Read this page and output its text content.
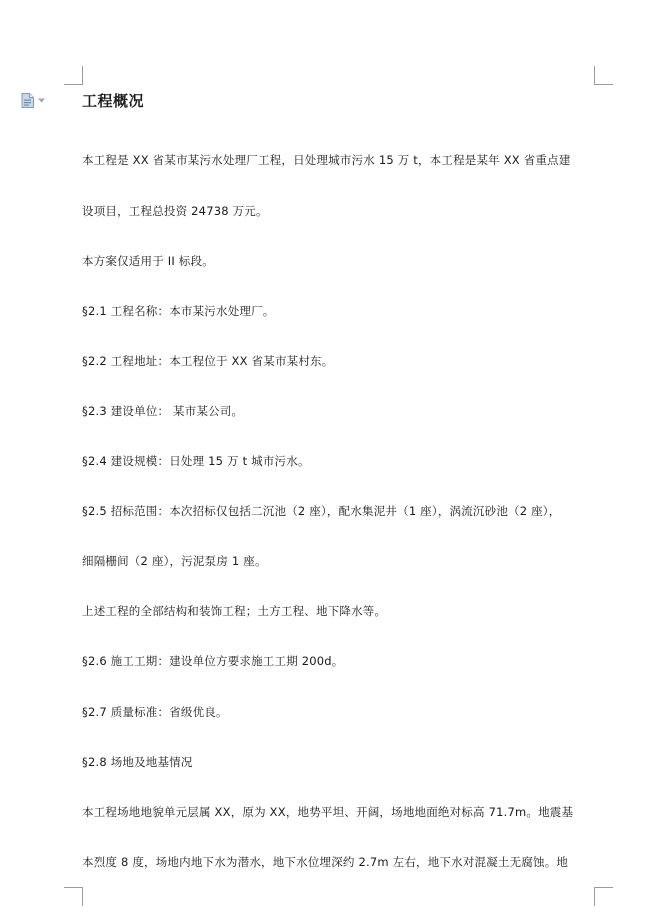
工程概况

本工程是 XX 省某市某污水处理厂工程，日处理城市污水 15 万 t，本工程是某年 XX 省重点建

设项目，工程总投资 24738 万元。

本方案仅适用于 II 标段。

§2.1 工程名称：本市某污水处理厂。

§2.2 工程地址：本工程位于 XX 省某市某村东。

§2.3 建设单位： 某市某公司。

§2.4 建设规模：日处理 15 万 t 城市污水。

§2.5 招标范围：本次招标仅包括二沉池（2 座），配水集泥井（1 座），涡流沉砂池（2 座），

细隔栅间（2 座），污泥泵房 1 座。

上述工程的全部结构和装饰工程；土方工程、地下降水等。

§2.6 施工工期：建设单位方要求施工工期 200d。

§2.7 质量标准：省级优良。

§2.8 场地及地基情况

本工程场地地貌单元层属 XX，原为 XX，地势平坦、开阔，场地地面绝对标高 71.7m。地震基

本烈度 8 度，场地内地下水为潜水，地下水位埋深约 2.7m 左右，地下水对混凝土无腐蚀。地
